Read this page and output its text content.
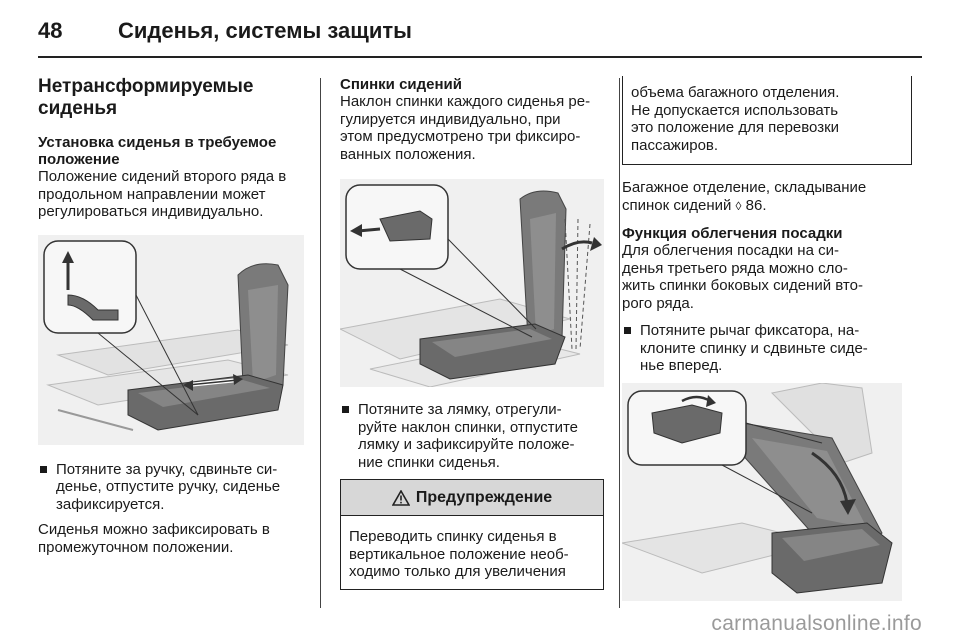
48	Сиденья, системы защиты
Нетрансформируемые
сиденья
Установка сиденья в требуемое
положение
Положение сидений второго ряда в
продольном направлении может
регулироваться индивидуально.
Потяните за ручку, сдвиньте си-
денье, отпустите ручку, сиденье
зафиксируется.
Сиденья можно зафиксировать в
промежуточном положении.
Спинки сидений
Наклон спинки каждого сиденья ре-
гулируется индивидуально, при
этом предусмотрено три фиксиро-
ванных положения.
Потяните за лямку, отрегули-
руйте наклон спинки, отпустите
лямку и зафиксируйте положе-
ние спинки сиденья.
Предупреждение
Переводить спинку сиденья в
вертикальное положение необ-
ходимо только для увеличения
объема багажного отделения.
Не допускается использовать
это положение для перевозки
пассажиров.
Багажное отделение, складывание
спинок сидений ◊ 86.
Функция облегчения посадки
Для облегчения посадки на си-
денья третьего ряда можно сло-
жить спинки боковых сидений вто-
рого ряда.
Потяните рычаг фиксатора, на-
клоните спинку и сдвиньте сиде-
нье вперед.
carmanualsonline.info
